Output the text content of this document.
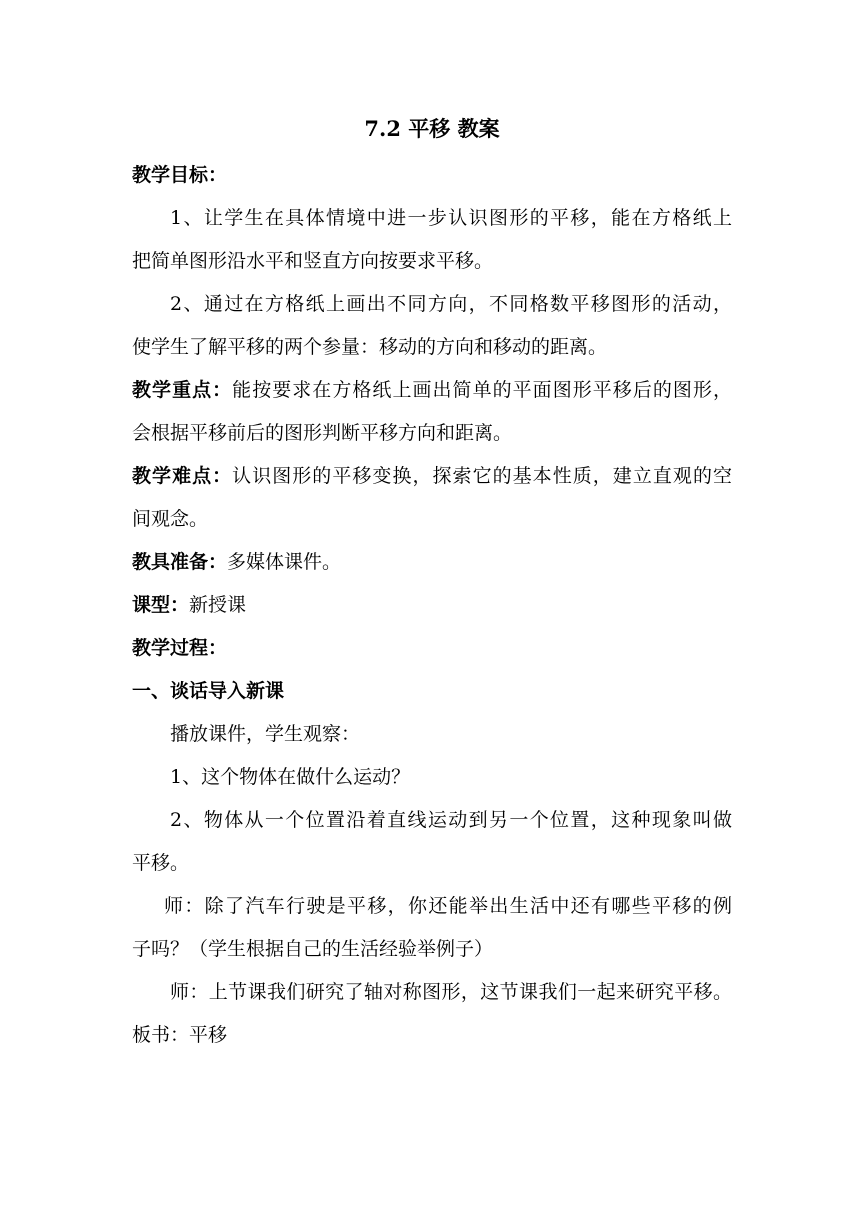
7.2 平移 教案
教学目标：
1、让学生在具体情境中进一步认识图形的平移，能在方格纸上
把简单图形沿水平和竖直方向按要求平移。
2、通过在方格纸上画出不同方向，不同格数平移图形的活动，
使学生了解平移的两个参量：移动的方向和移动的距离。
教学重点：能按要求在方格纸上画出简单的平面图形平移后的图形，
会根据平移前后的图形判断平移方向和距离。
教学难点：认识图形的平移变换，探索它的基本性质，建立直观的空
间观念。
教具准备：多媒体课件。
课型：新授课
教学过程：
一、谈话导入新课
播放课件，学生观察：
1、这个物体在做什么运动？
2、物体从一个位置沿着直线运动到另一个位置，这种现象叫做
平移。
师：除了汽车行驶是平移，你还能举出生活中还有哪些平移的例
子吗？（学生根据自己的生活经验举例子）
师：上节课我们研究了轴对称图形，这节课我们一起来研究平移。
板书：平移
